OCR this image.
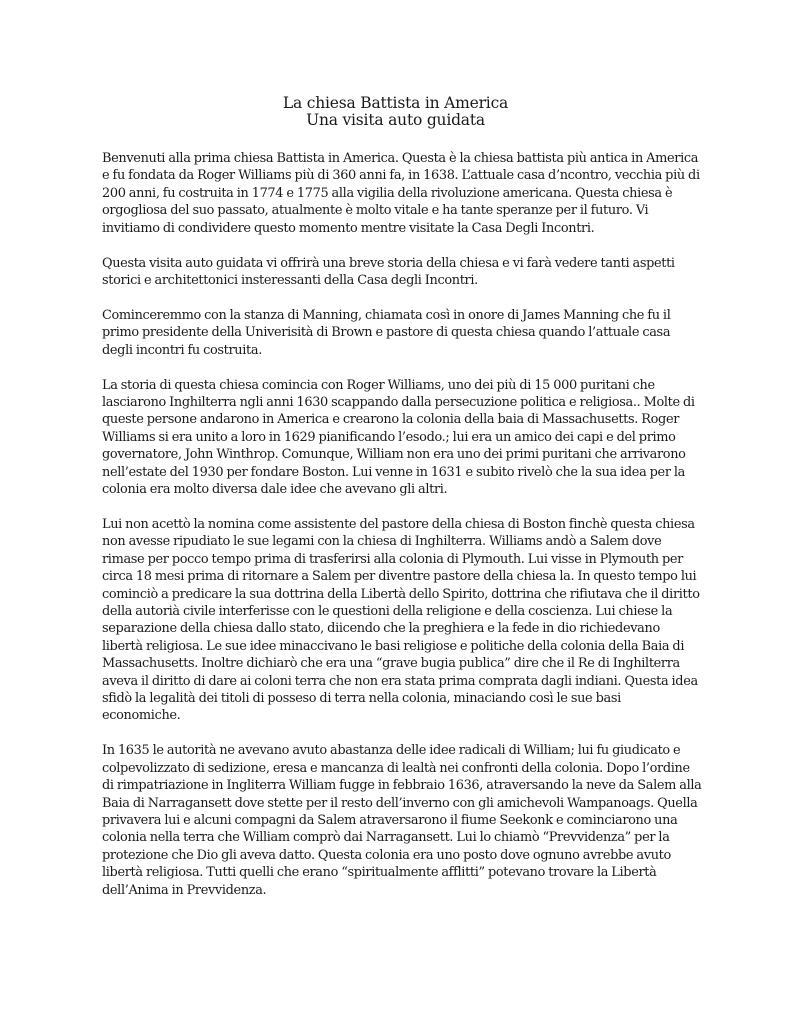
La chiesa Battista in America
Una visita auto guidata

Benvenuti alla prima chiesa Battista in America. Questa è la chiesa battista più antica in America e fu fondata da Roger Williams più di 360 anni fa, in 1638. L’attuale casa d’ncontro, vecchia più di 200 anni, fu costruita in 1774 e 1775 alla vigilia della rivoluzione americana. Questa chiesa è orgogliosa del suo passato, atualmente è molto vitale e ha tante speranze per il futuro. Vi invitiamo di condividere questo momento mentre visitate la Casa Degli Incontri.

Questa visita auto guidata vi offrirà una breve storia della chiesa e vi farà vedere tanti aspetti storici e architettonici insteressanti della Casa degli Incontri.

Cominceremmo con la stanza di Manning, chiamata così in onore di James Manning che fu il primo presidente della Univerisità di Brown e pastore di questa chiesa quando l’attuale casa degli incontri fu costruita.

La storia di questa chiesa comincia con Roger Williams, uno dei più di 15 000 puritani che lasciarono Inghilterra ngli anni 1630 scappando dalla persecuzione politica e religiosa.. Molte di queste persone andarono in America e crearono la colonia della baia di Massachusetts. Roger Williams si era unito a loro in 1629 pianificando l’esodo.; lui era un amico dei capi e del primo governatore, John Winthrop. Comunque, William non era uno dei primi puritani che arrivarono nell’estate del 1930 per fondare Boston. Lui venne in 1631 e subito rivelò che la sua idea per la colonia era molto diversa dale idee che avevano gli altri.

Lui non acettò la nomina come assistente del pastore della chiesa di Boston finchè questa chiesa non avesse ripudiato le sue legami con la chiesa di Inghilterra. Williams andò a Salem dove rimase per pocco tempo prima di trasferirsi alla colonia di Plymouth. Lui visse in Plymouth per circa 18 mesi prima di ritornare a Salem per diventre pastore della chiesa la. In questo tempo lui cominciò a predicare la sua dottrina della Libertà dello Spirito, dottrina che rifiutava che il diritto della autorià civile interferisse con le questioni della religione e della coscienza. Lui chiese la separazione della chiesa dallo stato, diicendo che la preghiera e la fede in dio richiedevano libertà religiosa. Le sue idee minaccivano le basi religiose e politiche della colonia della Baia di Massachusetts. Inoltre dichiarò che era una “grave bugia publica” dire che il Re di Inghilterra aveva il diritto di dare ai coloni terra che non era stata prima comprata dagli indiani. Questa idea sfidò la legalità dei titoli di posseso di terra nella colonia, minaciando così le sue basi economiche.

In 1635 le autorità ne avevano avuto abastanza delle idee radicali di William; lui fu giudicato e colpevolizzato di sedizione, eresa e mancanza di lealtà nei confronti della colonia. Dopo l’ordine di rimpatriazione in Ingliterra William fugge in febbraio 1636, atraversando la neve da Salem alla Baia di Narragansett dove stette per il resto dell’inverno con gli amichevoli Wampanoags. Quella privavera lui e alcuni compagni da Salem atraversarono il fiume Seekonk e cominciarono una colonia nella terra che William comprò dai Narragansett. Lui lo chiamò “Prevvidenza” per la protezione che Dio gli aveva datto. Questa colonia era uno posto dove ognuno avrebbe avuto libertà religiosa. Tutti quelli che erano “spiritualmente afflitti” potevano trovare la Libertà dell’Anima in Prevvidenza.
